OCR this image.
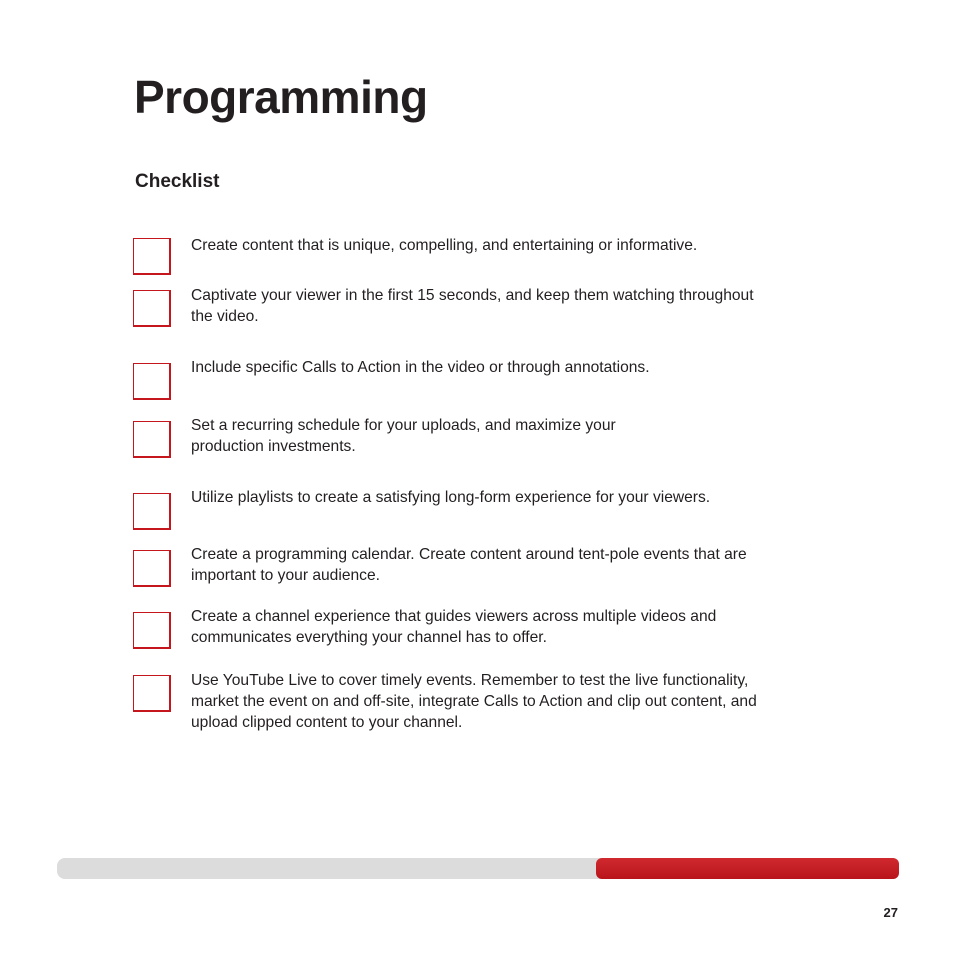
Programming
Checklist
Create content that is unique, compelling, and entertaining or informative.
Captivate your viewer in the first 15 seconds, and keep them watching throughout
the video.
Include specific Calls to Action in the video or through annotations.
Set a recurring schedule for your uploads, and maximize your
production investments.
Utilize playlists to create a satisfying long-form experience for your viewers.
Create a programming calendar. Create content around tent-pole events that are
important to your audience.
Create a channel experience that guides viewers across multiple videos and
communicates everything your channel has to offer.
Use YouTube Live to cover timely events. Remember to test the live functionality,
market the event on and off-site, integrate Calls to Action and clip out content, and
upload clipped content to your channel.
27
